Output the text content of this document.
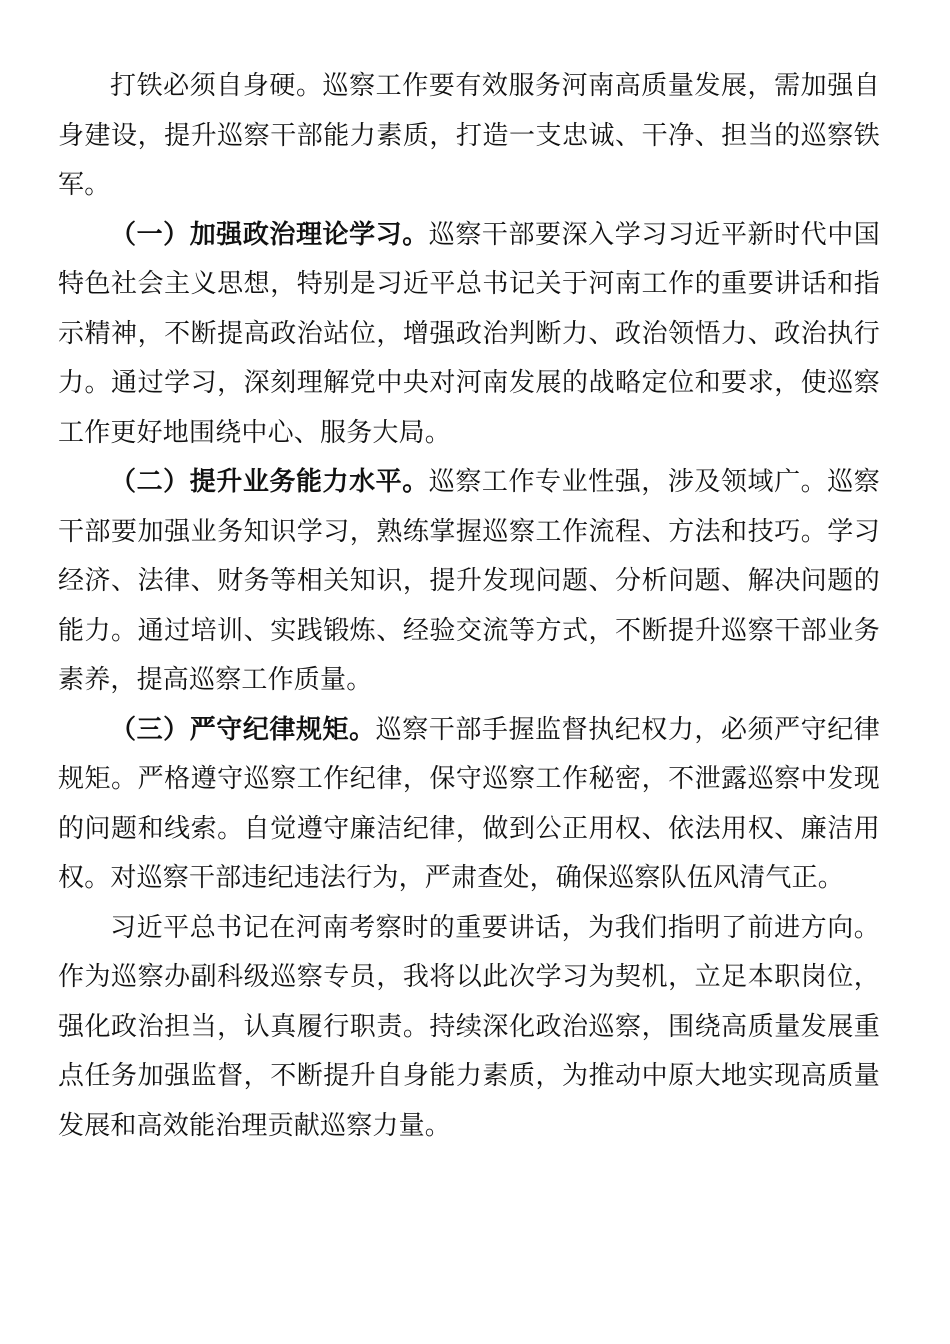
打铁必须自身硬。巡察工作要有效服务河南高质量发展，需加强自身建设，提升巡察干部能力素质，打造一支忠诚、干净、担当的巡察铁军。

（一）加强政治理论学习。巡察干部要深入学习习近平新时代中国特色社会主义思想，特别是习近平总书记关于河南工作的重要讲话和指示精神，不断提高政治站位，增强政治判断力、政治领悟力、政治执行力。通过学习，深刻理解党中央对河南发展的战略定位和要求，使巡察工作更好地围绕中心、服务大局。

（二）提升业务能力水平。巡察工作专业性强，涉及领域广。巡察干部要加强业务知识学习，熟练掌握巡察工作流程、方法和技巧。学习经济、法律、财务等相关知识，提升发现问题、分析问题、解决问题的能力。通过培训、实践锻炼、经验交流等方式，不断提升巡察干部业务素养，提高巡察工作质量。

（三）严守纪律规矩。巡察干部手握监督执纪权力，必须严守纪律规矩。严格遵守巡察工作纪律，保守巡察工作秘密，不泄露巡察中发现的问题和线索。自觉遵守廉洁纪律，做到公正用权、依法用权、廉洁用权。对巡察干部违纪违法行为，严肃查处，确保巡察队伍风清气正。

习近平总书记在河南考察时的重要讲话，为我们指明了前进方向。作为巡察办副科级巡察专员，我将以此次学习为契机，立足本职岗位，强化政治担当，认真履行职责。持续深化政治巡察，围绕高质量发展重点任务加强监督，不断提升自身能力素质，为推动中原大地实现高质量发展和高效能治理贡献巡察力量。
